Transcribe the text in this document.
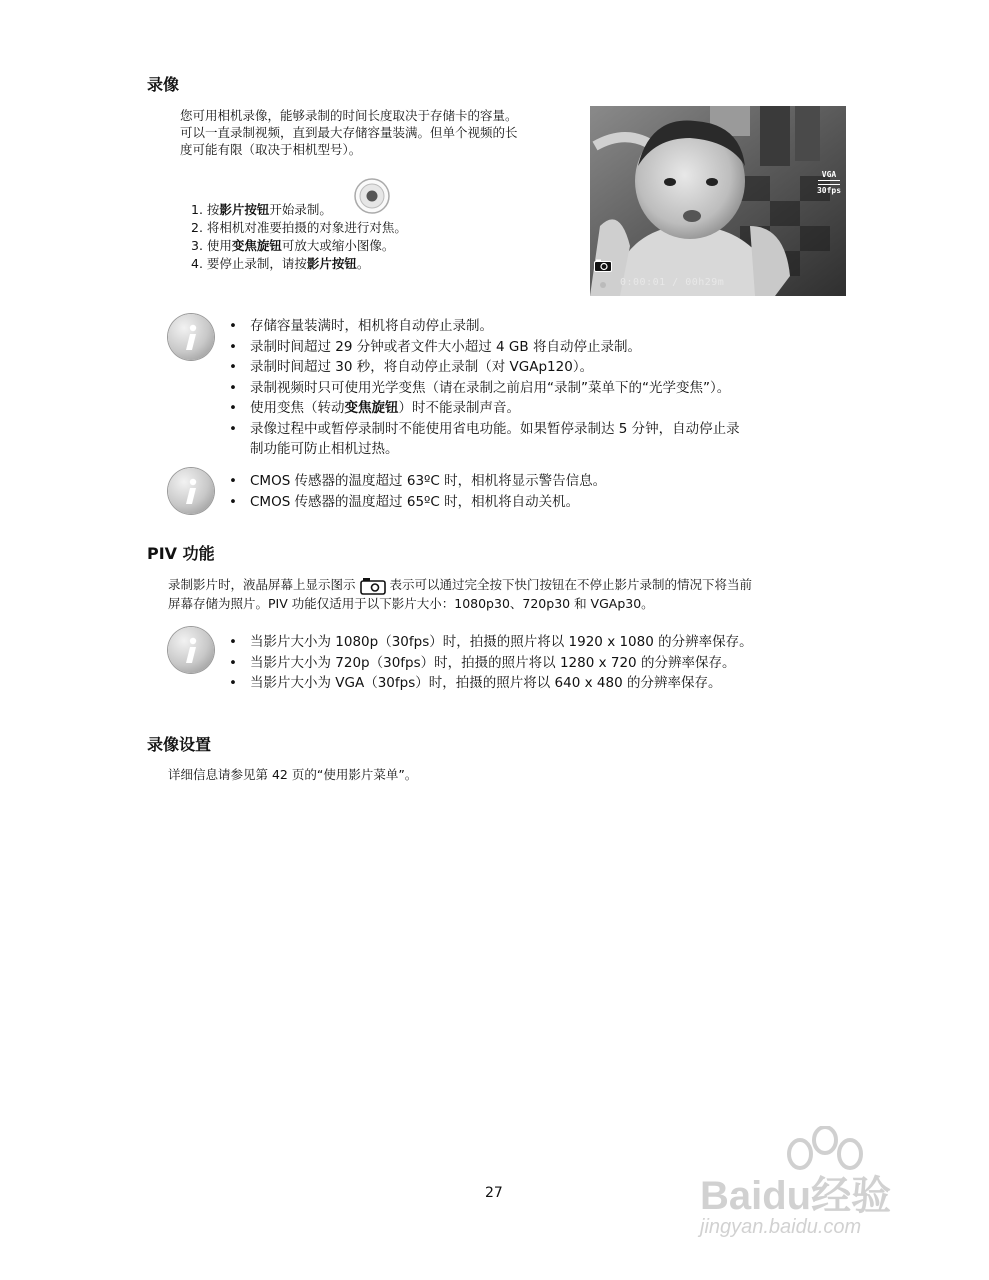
录像
您可用相机录像，能够录制的时间长度取决于存储卡的容量。
可以一直录制视频，直到最大存储容量装满。但单个视频的长
度可能有限（取决于相机型号）。
1. 按影片按钮开始录制。
2. 将相机对准要拍摄的对象进行对焦。
3. 使用变焦旋钮可放大或缩小图像。
4. 要停止录制，请按影片按钮。
VGA
30fps
0:00:01 / 00h29m
• 存储容量装满时，相机将自动停止录制。
• 录制时间超过 29 分钟或者文件大小超过 4 GB 将自动停止录制。
• 录制时间超过 30 秒，将自动停止录制（对 VGAp120）。
• 录制视频时只可使用光学变焦（请在录制之前启用“录制”菜单下的“光学变焦”）。
• 使用变焦（转动变焦旋钮）时不能录制声音。
• 录像过程中或暂停录制时不能使用省电功能。如果暂停录制达 5 分钟，自动停止录
制功能可防止相机过热。
• CMOS 传感器的温度超过 63ºC 时，相机将显示警告信息。
• CMOS 传感器的温度超过 65ºC 时，相机将自动关机。
PIV 功能
录制影片时，液晶屏幕上显示图示	表示可以通过完全按下快门按钮在不停止影片录制的情况下将当前
屏幕存储为照片。PIV 功能仅适用于以下影片大小：1080p30、720p30 和 VGAp30。
• 当影片大小为 1080p（30fps）时，拍摄的照片将以 1920 x 1080 的分辨率保存。
• 当影片大小为 720p（30fps）时，拍摄的照片将以 1280 x 720 的分辨率保存。
• 当影片大小为 VGA（30fps）时，拍摄的照片将以 640 x 480 的分辨率保存。
录像设置
详细信息请参见第 42 页的“使用影片菜单”。
27	Baidu经验
jingyan.baidu.com
